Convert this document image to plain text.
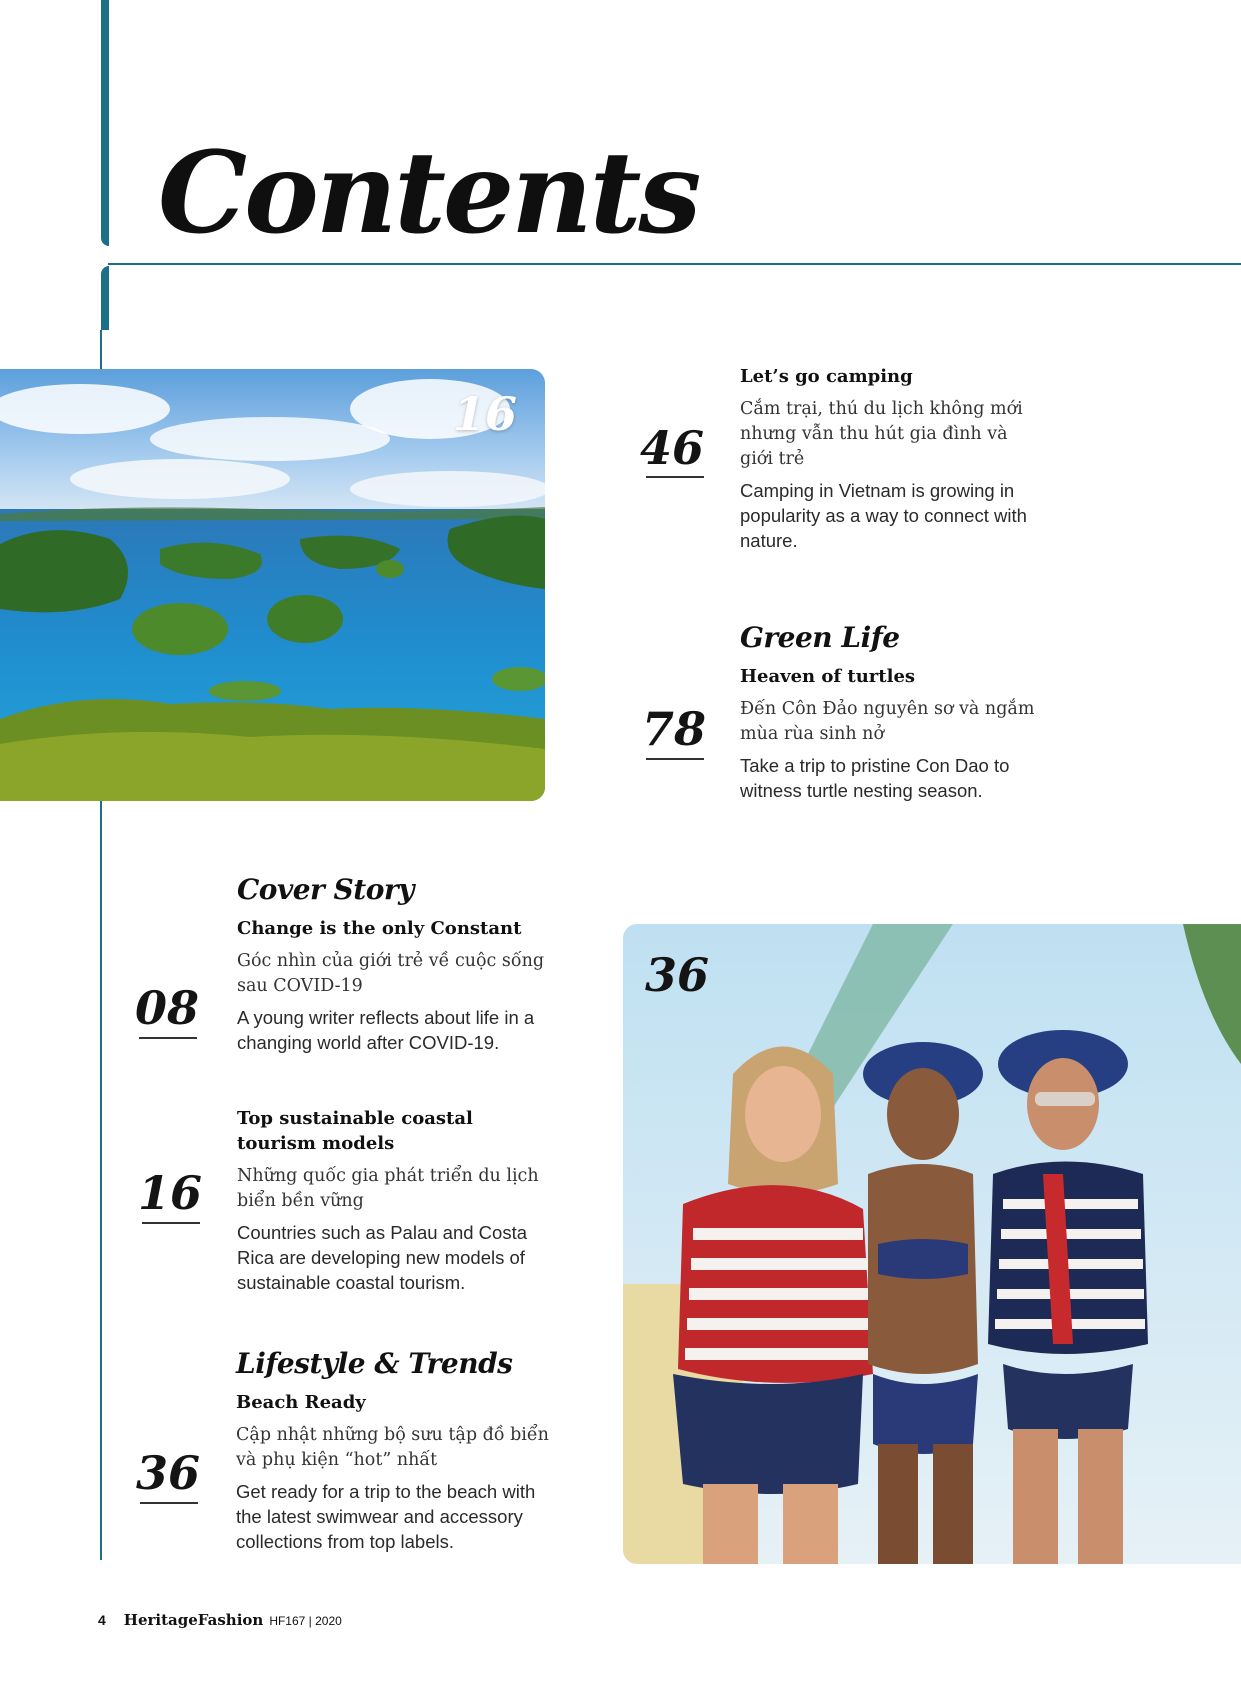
Contents
16
46

Let’s go camping

Cắm trại, thú du lịch không mới nhưng vẫn thu hút gia đình và giới trẻ

Camping in Vietnam is growing in popularity as a way to connect with nature.

Green Life

Heaven of turtles

Đến Côn Đảo nguyên sơ và ngắm mùa rùa sinh nở

Take a trip to pristine Con Dao to witness turtle nesting season.

78

Cover Story

Change is the only Constant

Góc nhìn của giới trẻ về cuộc sống sau COVID-19

A young writer reflects about life in a changing world after COVID-19.

08

Top sustainable coastal tourism models

Những quốc gia phát triển du lịch biển bền vững

Countries such as Palau and Costa Rica are developing new models of sustainable coastal tourism.

16

Lifestyle & Trends

Beach Ready

Cập nhật những bộ sưu tập đồ biển và phụ kiện “hot” nhất

Get ready for a trip to the beach with the latest swimwear and accessory collections from top labels.

36
36
4 HeritageFashion HF167 | 2020
